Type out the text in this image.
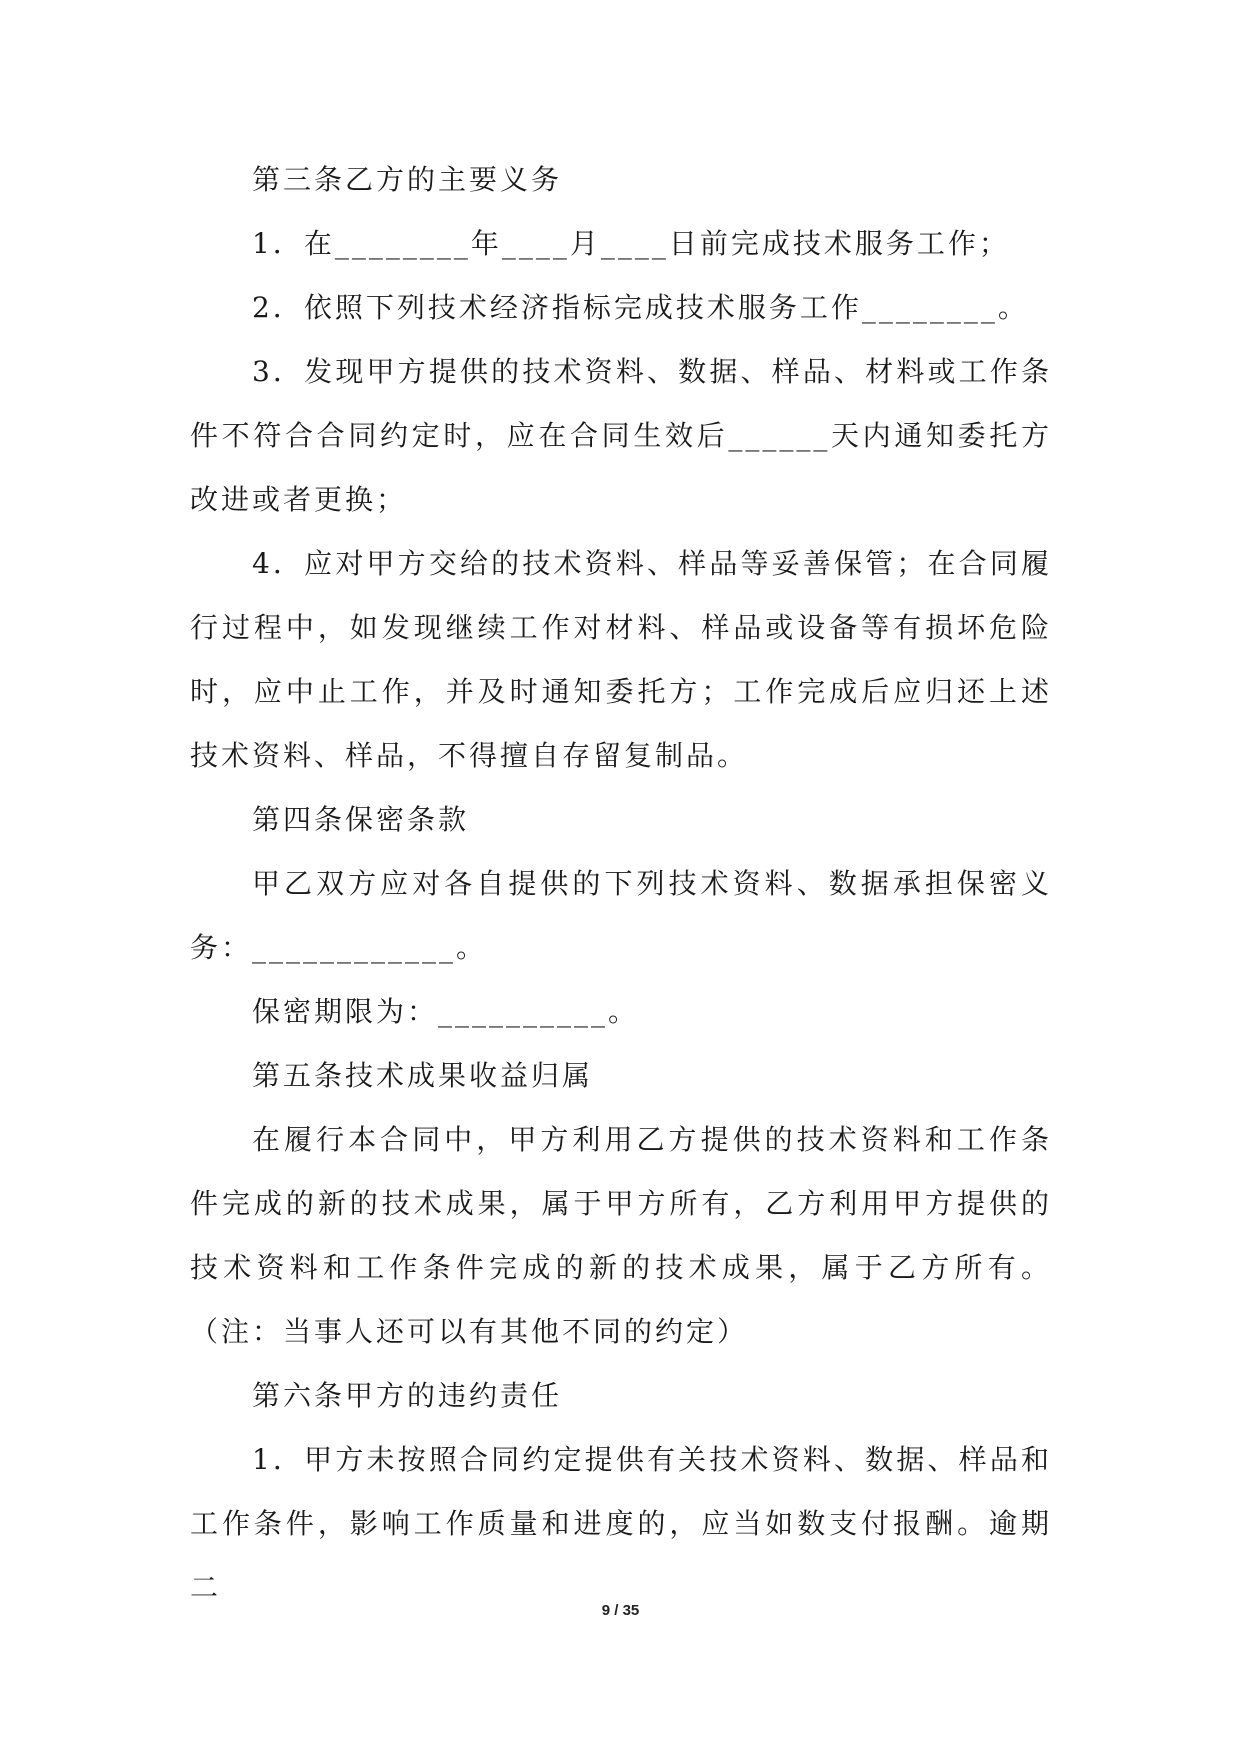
第三条乙方的主要义务

1．在________年____月____日前完成技术服务工作；

2．依照下列技术经济指标完成技术服务工作________。

3．发现甲方提供的技术资料、数据、样品、材料或工作条件不符合合同约定时，应在合同生效后______天内通知委托方改进或者更换；

4．应对甲方交给的技术资料、样品等妥善保管；在合同履行过程中，如发现继续工作对材料、样品或设备等有损坏危险时，应中止工作，并及时通知委托方；工作完成后应归还上述技术资料、样品，不得擅自存留复制品。

第四条保密条款

甲乙双方应对各自提供的下列技术资料、数据承担保密义务：____________。

保密期限为：__________。

第五条技术成果收益归属

在履行本合同中，甲方利用乙方提供的技术资料和工作条件完成的新的技术成果，属于甲方所有，乙方利用甲方提供的技术资料和工作条件完成的新的技术成果，属于乙方所有。（注：当事人还可以有其他不同的约定）

第六条甲方的违约责任

1．甲方未按照合同约定提供有关技术资料、数据、样品和工作条件，影响工作质量和进度的，应当如数支付报酬。逾期二

9 / 35
